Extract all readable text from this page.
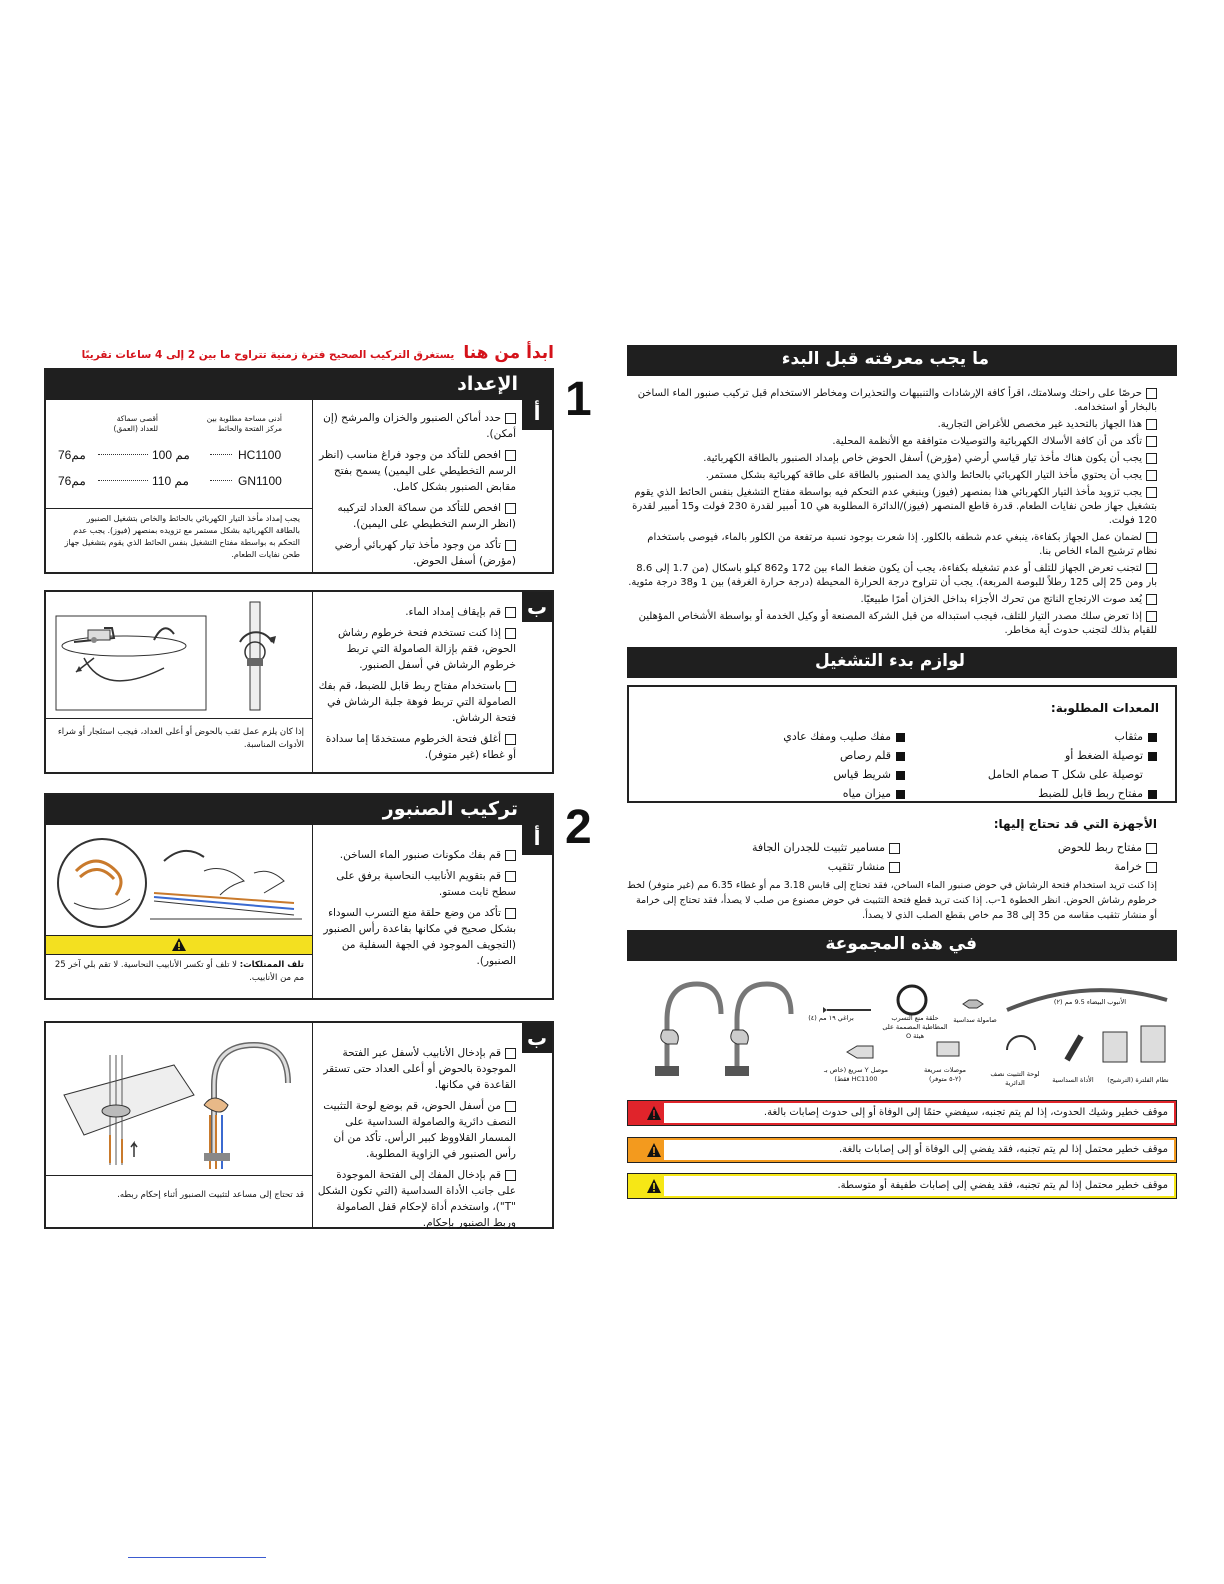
ابدأ من هنا يستغرق التركيب الصحيح فترة زمنية تتراوح ما بين 2 إلى 4 ساعات تقريبًا
1
الإعداد
أ
حدد أماكن الصنبور والخزان والمرشح (إن أمكن).
افحص للتأكد من وجود فراغ مناسب (انظر الرسم التخطيطي على اليمين) يسمح بفتح مقابض الصنبور بشكل كامل.
افحص للتأكد من سماكة العداد لتركيبه (انظر الرسم التخطيطي على اليمين).
تأكد من وجود مأخذ تيار كهربائي أرضي (مؤرض) أسفل الحوض.
أدنى مساحة مطلوبة بين مركز الفتحة والحائط
أقصى سماكة للعداد (العمق)
76مم	100 مم	HC1100
76مم	110 مم	GN1100
يجب إمداد مأخذ التيار الكهربائي بالحائط والخاص بتشغيل الصنبور بالطاقة الكهربائية بشكل مستمر مع تزويده بمنصهر (فيوز). يجب عدم التحكم به بواسطة مفتاح التشغيل بنفس الحائط الذي يقوم بتشغيل جهاز طحن نفايات الطعام.
ب
قم بإيقاف إمداد الماء.
إذا كنت تستخدم فتحة خرطوم رشاش الحوض، فقم بإزالة الصامولة التي تربط خرطوم الرشاش في أسفل الصنبور.
باستخدام مفتاح ربط قابل للضبط، قم بفك الصامولة التي تربط فوهة جلبة الرشاش في فتحة الرشاش.
أغلق فتحة الخرطوم مستخدمًا إما سدادة أو غطاء (غير متوفر).
إذا كان يلزم عمل ثقب بالحوض أو أعلى العداد، فيجب استئجار أو شراء الأدوات المناسبة.
2
تركيب الصنبور
أ
قم بفك مكونات صنبور الماء الساخن.
قم بتقويم الأنابيب النحاسية برفق على سطح ثابت مستو.
تأكد من وضع حلقة منع التسرب السوداء بشكل صحيح في مكانها بقاعدة رأس الصنبور (التجويف الموجود في الجهة السفلية من الصنبور).
تلف الممتلكات: لا تلف أو تكسر الأنابيب النحاسية. لا تقم بلي آخر 25 مم من الأنابيب.
ب
قم بإدخال الأنابيب لأسفل عبر الفتحة الموجودة بالحوض أو أعلى العداد حتى تستقر القاعدة في مكانها.
من أسفل الحوض، قم بوضع لوحة التثبيت النصف دائرية والصامولة السداسية على المسمار القلاووظ كبير الرأس. تأكد من أن رأس الصنبور في الزاوية المطلوبة.
قم بإدخال المفك إلى الفتحة الموجودة على جانب الأداة السداسية (التي تكون الشكل "T")، واستخدم أداة لإحكام قفل الصامولة وربط الصنبور بإحكام.
قد تحتاج إلى مساعد لتثبيت الصنبور أثناء إحكام ربطه.
ما يجب معرفته قبل البدء
حرصًا على راحتك وسلامتك، اقرأ كافة الإرشادات والتنبيهات والتحذيرات ومخاطر الاستخدام قبل تركيب صنبور الماء الساخن بالبخار أو استخدامه.
هذا الجهاز بالتحديد غير مخصص للأغراض التجارية.
تأكد من أن كافة الأسلاك الكهربائية والتوصيلات متوافقة مع الأنظمة المحلية.
يجب أن يكون هناك مأخذ تيار قياسي أرضي (مؤرض) أسفل الحوض خاص بإمداد الصنبور بالطاقة الكهربائية.
يجب أن يحتوي مأخذ التيار الكهربائي بالحائط والذي يمد الصنبور بالطاقة على طاقة كهربائية بشكل مستمر.
يجب تزويد مأخذ التيار الكهربائي هذا بمنصهر (فيوز) وينبغي عدم التحكم فيه بواسطة مفتاح التشغيل بنفس الحائط الذي يقوم بتشغيل جهاز طحن نفايات الطعام. قدرة قاطع المنصهر (فيوز)/الدائرة المطلوبة هي 10 أمبير لقدرة 230 فولت و15 أمبير لقدرة 120 فولت.
لضمان عمل الجهاز بكفاءة، ينبغي عدم شطفه بالكلور. إذا شعرت بوجود نسبة مرتفعة من الكلور بالماء، فيوصى باستخدام نظام ترشيح الماء الخاص بنا.
لتجنب تعرض الجهاز للتلف أو عدم تشغيله بكفاءة، يجب أن يكون ضغط الماء بين 172 و862 كيلو باسكال (من 1.7 إلى 8.6 بار ومن 25 إلى 125 رطلاً للبوصة المربعة). يجب أن تتراوح درجة الحرارة المحيطة (درجة حرارة الغرفة) بين 1 و38 درجة مئوية.
يُعد صوت الارتجاج الناتج من تحرك الأجزاء بداخل الخزان أمرًا طبيعيًا.
إذا تعرض سلك مصدر التيار للتلف، فيجب استبداله من قبل الشركة المصنعة أو وكيل الخدمة أو بواسطة الأشخاص المؤهلين للقيام بذلك لتجنب حدوث أية مخاطر.
لوازم بدء التشغيل
المعدات المطلوبة:
مثقاب
توصيلة الضغط أو
توصيلة على شكل T صمام الحامل
مفتاح ربط قابل للضبط
مفك صليب ومفك عادي
قلم رصاص
شريط قياس
ميزان مياه
الأجهزة التي قد تحتاج إليها:
مفتاح ربط للحوض
خرامة
مسامير تثبيت للجدران الجافة
منشار تثقيب
إذا كنت تريد استخدام فتحة الرشاش في حوض صنبور الماء الساخن، فقد تحتاج إلى قابس 3.18 مم أو غطاء 6.35 مم (غير متوفر) لخط خرطوم رشاش الحوض. انظر الخطوة 1-ب. إذا كنت تريد قطع فتحة التثبيت في حوض مصنوع من صلب لا يصدأ، فقد تحتاج إلى خرامة أو منشار تثقيب مقاسه من 35 إلى 38 مم خاص بقطع الصلب الذي لا يصدأ.
في هذه المجموعة
الأنبوب البيضاء 9.5 مم (٢)
صامولة سداسية
حلقة منع التسرب المطاطية المصممة على هيئة O
براغي ١٩ مم (٤)
موصل Y سريع (خاص بـ HC1100 فقط)
موصلات سريعة (٢-٥ متوفر)
لوحة التثبيت نصف الدائرية	الأداة السداسية	نظام الفلترة (الترشيح)
موقف خطير وشيك الحدوث، إذا لم يتم تجنبه، سيفضي حتمًا إلى الوفاة أو إلى حدوث إصابات بالغة.
موقف خطير محتمل إذا لم يتم تجنبه، فقد يفضي إلى الوفاة أو إلى إصابات بالغة.
موقف خطير محتمل إذا لم يتم تجنبه، فقد يفضي إلى إصابات طفيفة أو متوسطة.
